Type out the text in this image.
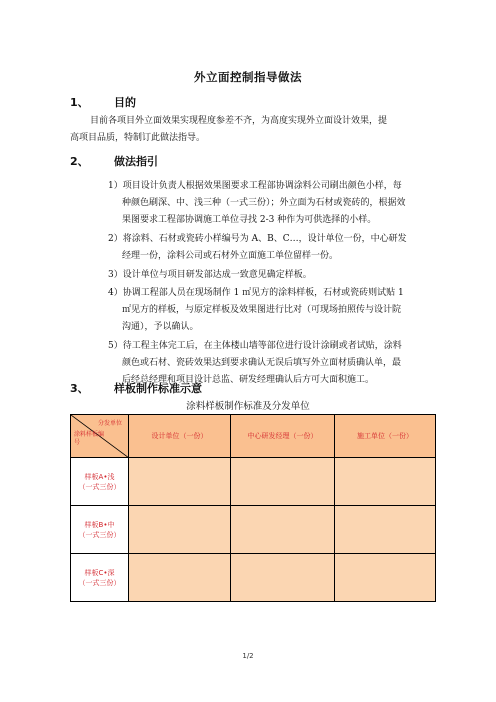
外立面控制指导做法
1、 目的
目前各项目外立面效果实现程度参差不齐，为高度实现外立面设计效果，提
高项目品质，特制订此做法指导。
2、 做法指引
1）项目设计负责人根据效果图要求工程部协调涂料公司刷出颜色小样，每
种颜色刷深、中、浅三种（一式三份）；外立面为石材或瓷砖的，根据效
果图要求工程部协调施工单位寻找 2-3 种作为可供选择的小样。
2）将涂料、石材或瓷砖小样编号为 A、B、C…，设计单位一份，中心研发
经理一份，涂料公司或石材外立面施工单位留样一份。
3）设计单位与项目研发部达成一致意见确定样板。
4）协调工程部人员在现场制作 1 ㎡见方的涂料样板，石材或瓷砖则试贴 1
㎡见方的样板，与原定样板及效果图进行比对（可现场拍照传与设计院
沟通），予以确认。
5）待工程主体完工后，在主体楼山墙等部位进行设计涂刷或者试贴，涂料
颜色或石材、瓷砖效果达到要求确认无误后填写外立面材质确认单，最
后经总经理和项目设计总监、研发经理确认后方可大面积施工。
3、 样板制作标准示意
涂料样板制作标准及分发单位
分发单位
涂料样板编号	设计单位（一份）	中心研发经理（一份）	施工单位（一份）

样板A•浅
（一式三份）			

样板B•中
（一式三份）			

样板C•深
（一式三份）			

1/2
